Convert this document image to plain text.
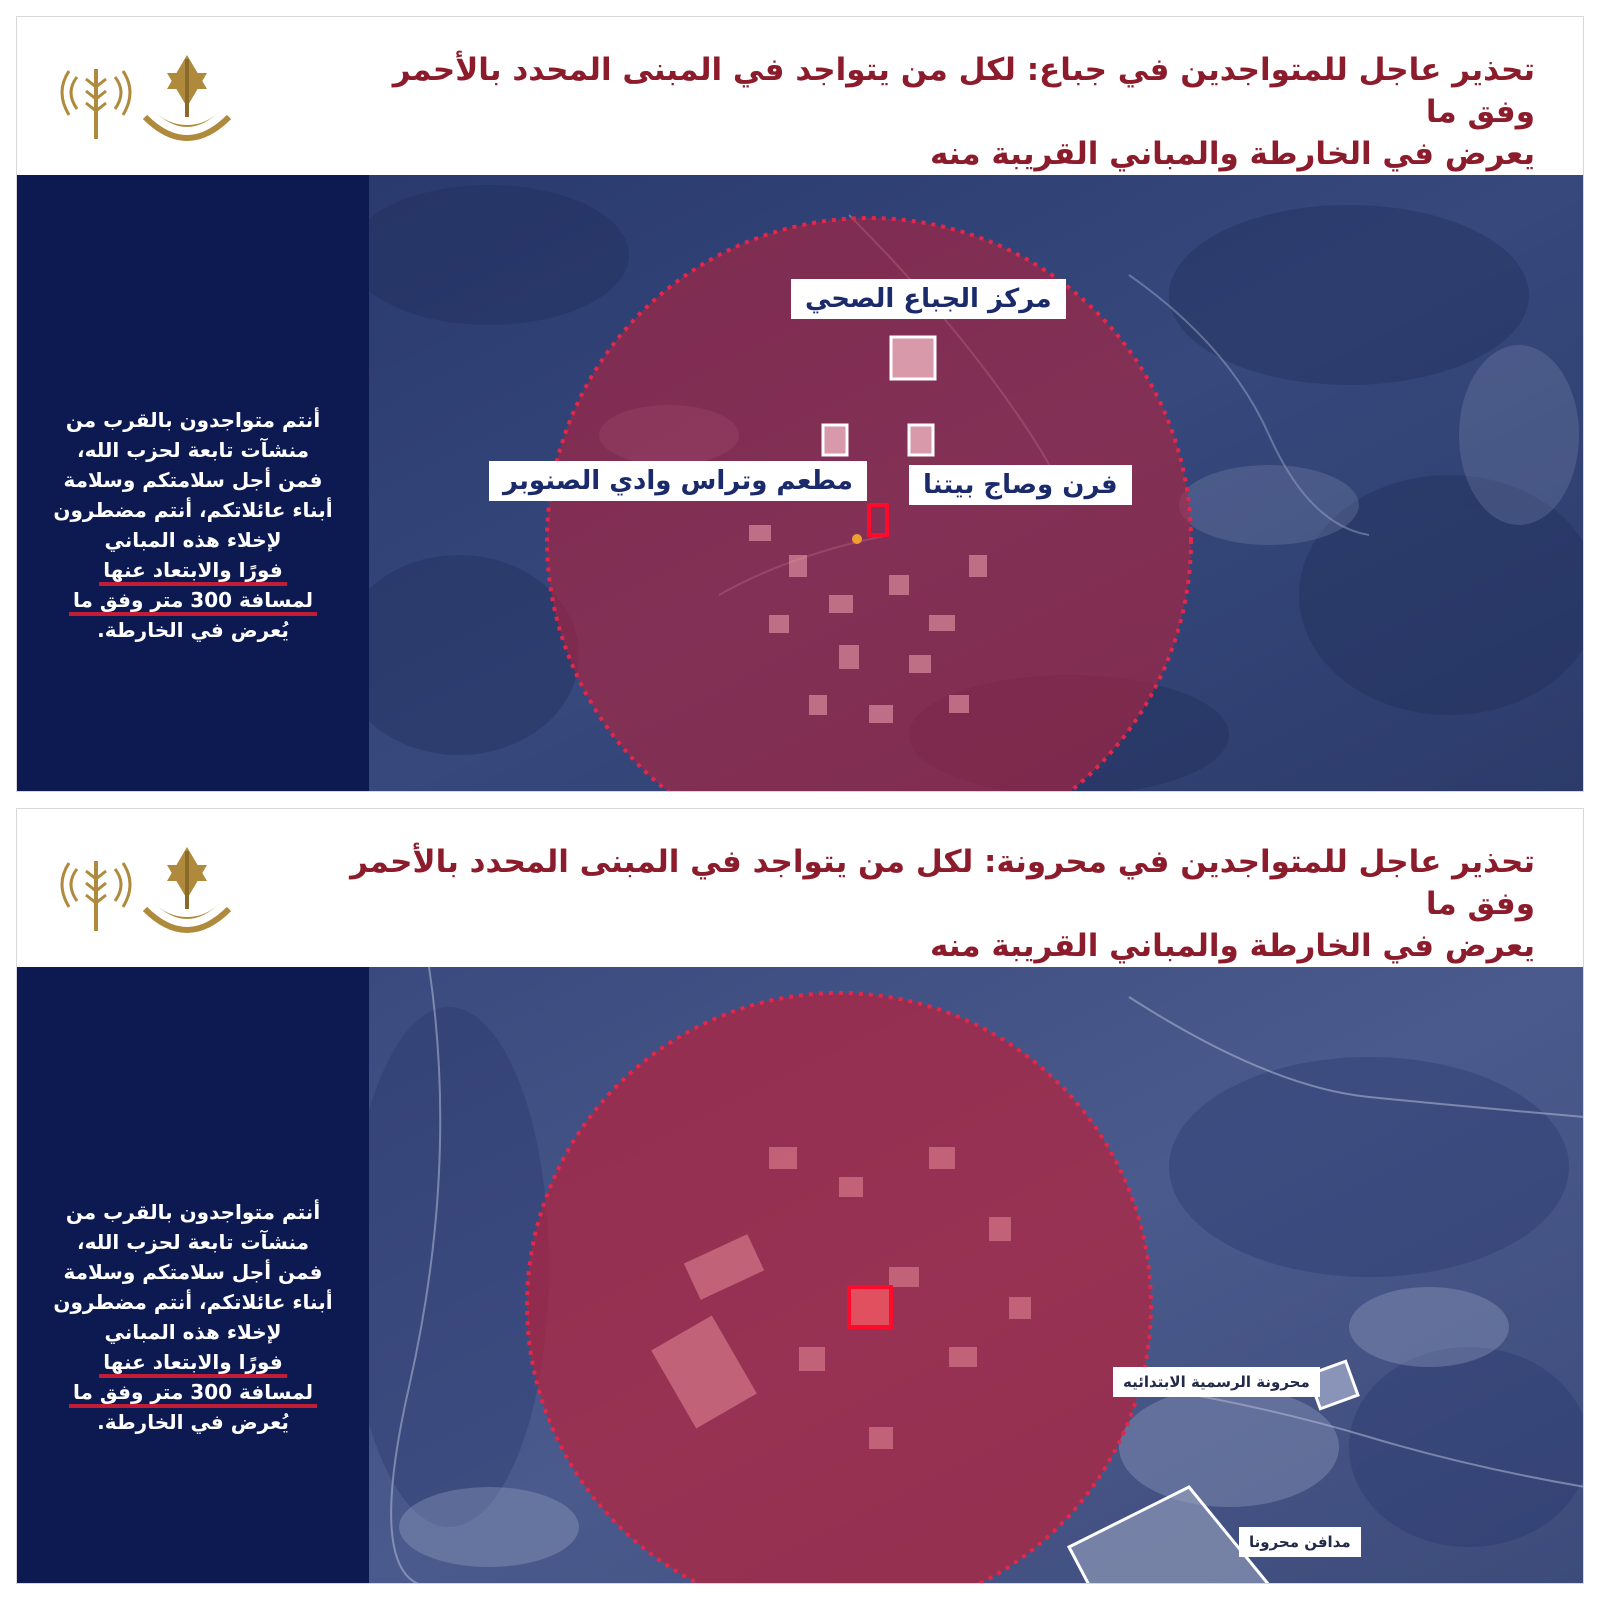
تحذير عاجل للمتواجدين في جباع: لكل من يتواجد في المبنى المحدد بالأحمر وفق ما
يعرض في الخارطة والمباني القريبة منه
أنتم متواجدون بالقرب من
منشآت تابعة لحزب الله،
فمن أجل سلامتكم وسلامة
أبناء عائلاتكم، أنتم مضطرون
لإخلاء هذه المباني
فورًا والابتعاد عنها
لمسافة 300 متر وفق ما
يُعرض في الخارطة.
مركز الجباع الصحي
مطعم وتراس وادي الصنوبر	فرن وصاج بيتنا
تحذير عاجل للمتواجدين في محرونة: لكل من يتواجد في المبنى المحدد بالأحمر وفق ما
يعرض في الخارطة والمباني القريبة منه
أنتم متواجدون بالقرب من
منشآت تابعة لحزب الله،
فمن أجل سلامتكم وسلامة
أبناء عائلاتكم، أنتم مضطرون
لإخلاء هذه المباني
فورًا والابتعاد عنها
لمسافة 300 متر وفق ما
يُعرض في الخارطة.
محرونة الرسمية الابتدائيه
مدافن محرونا
